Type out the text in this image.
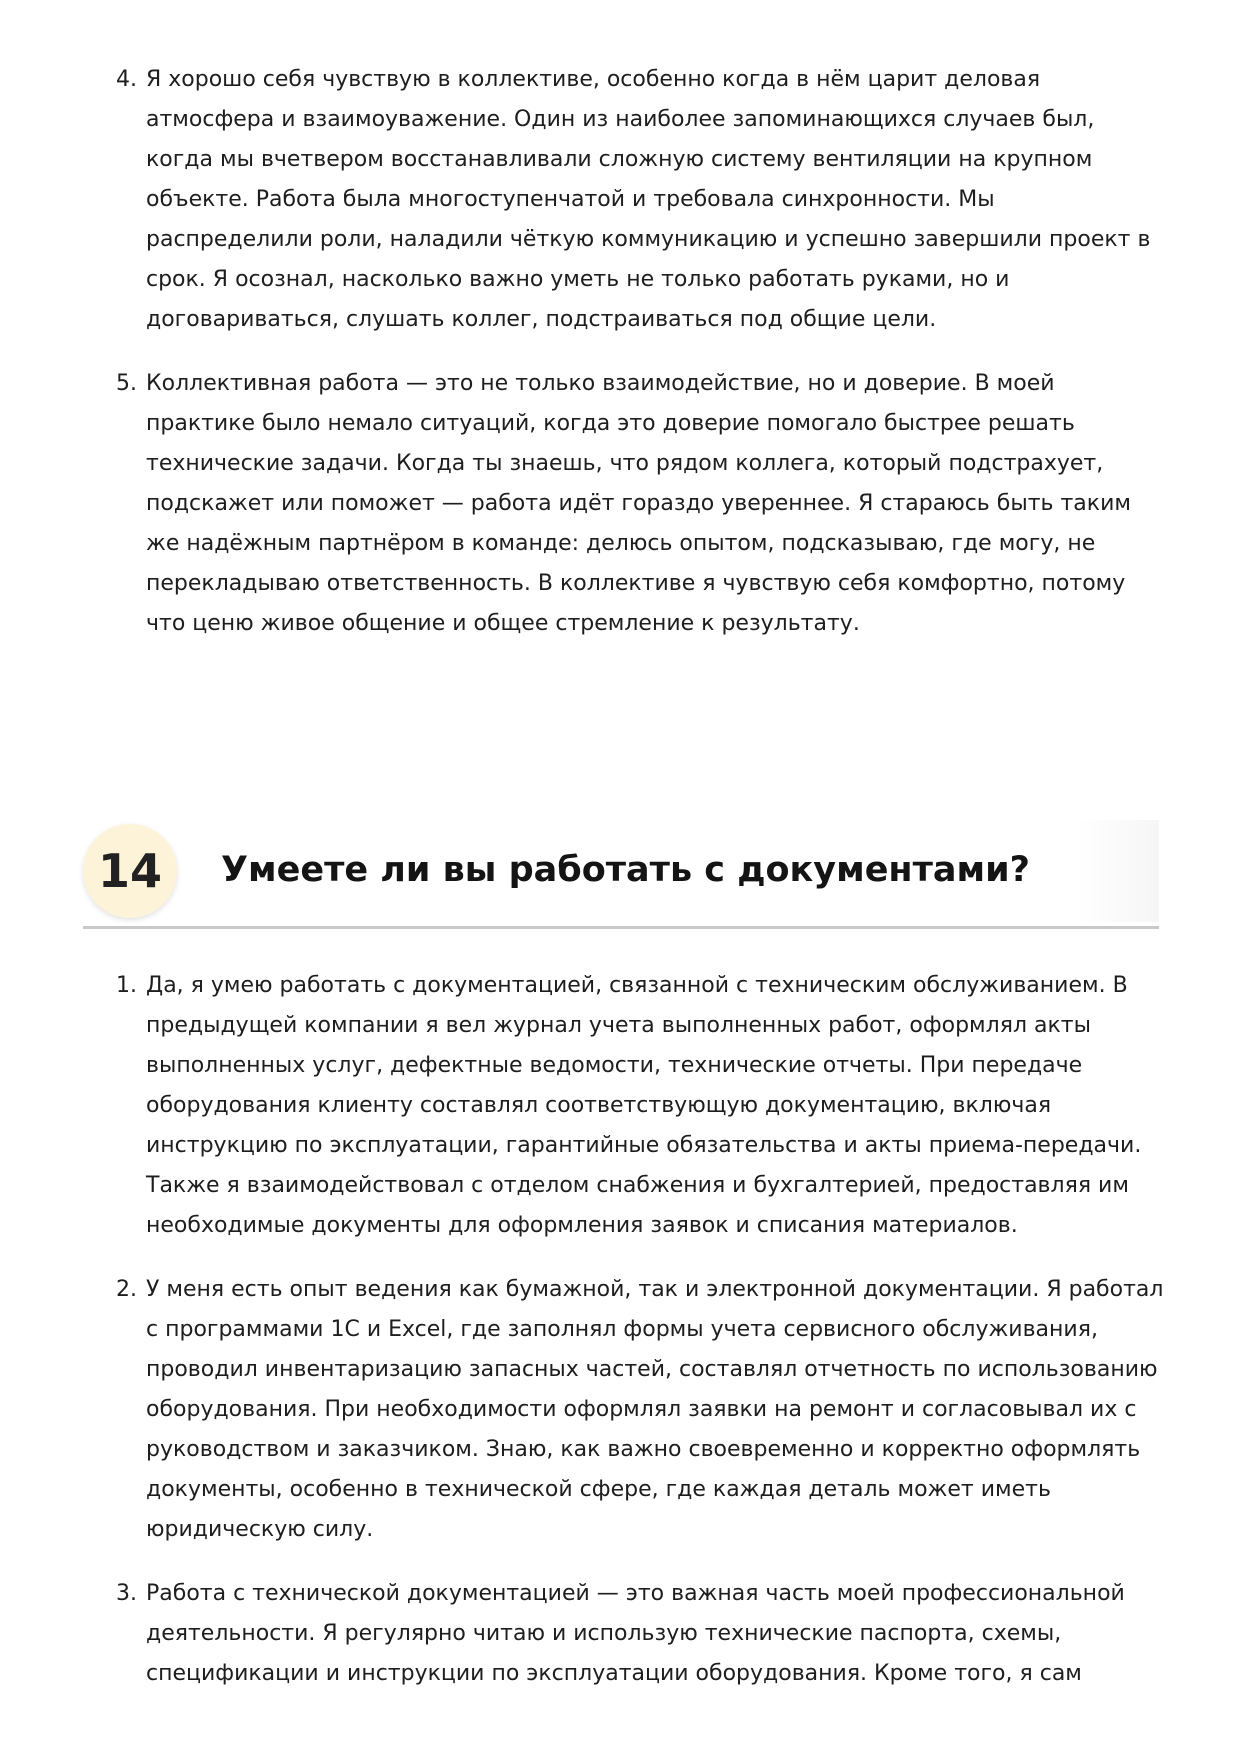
4. Я хорошо себя чувствую в коллективе, особенно когда в нём царит деловая атмосфера и взаимоуважение. Один из наиболее запоминающихся случаев был, когда мы вчетвером восстанавливали сложную систему вентиляции на крупном объекте. Работа была многоступенчатой и требовала синхронности. Мы распределили роли, наладили чёткую коммуникацию и успешно завершили проект в срок. Я осознал, насколько важно уметь не только работать руками, но и договариваться, слушать коллег, подстраиваться под общие цели.
5. Коллективная работа — это не только взаимодействие, но и доверие. В моей практике было немало ситуаций, когда это доверие помогало быстрее решать технические задачи. Когда ты знаешь, что рядом коллега, который подстрахует, подскажет или поможет — работа идёт гораздо увереннее. Я стараюсь быть таким же надёжным партнёром в команде: делюсь опытом, подсказываю, где могу, не перекладываю ответственность. В коллективе я чувствую себя комфортно, потому что ценю живое общение и общее стремление к результату.
14	Умеете ли вы работать с документами?
1. Да, я умею работать с документацией, связанной с техническим обслуживанием. В предыдущей компании я вел журнал учета выполненных работ, оформлял акты выполненных услуг, дефектные ведомости, технические отчеты. При передаче оборудования клиенту составлял соответствующую документацию, включая инструкцию по эксплуатации, гарантийные обязательства и акты приема-передачи. Также я взаимодействовал с отделом снабжения и бухгалтерией, предоставляя им необходимые документы для оформления заявок и списания материалов.
2. У меня есть опыт ведения как бумажной, так и электронной документации. Я работал с программами 1С и Excel, где заполнял формы учета сервисного обслуживания, проводил инвентаризацию запасных частей, составлял отчетность по использованию оборудования. При необходимости оформлял заявки на ремонт и согласовывал их с руководством и заказчиком. Знаю, как важно своевременно и корректно оформлять документы, особенно в технической сфере, где каждая деталь может иметь юридическую силу.
3. Работа с технической документацией — это важная часть моей профессиональной деятельности. Я регулярно читаю и использую технические паспорта, схемы, спецификации и инструкции по эксплуатации оборудования. Кроме того, я сам
